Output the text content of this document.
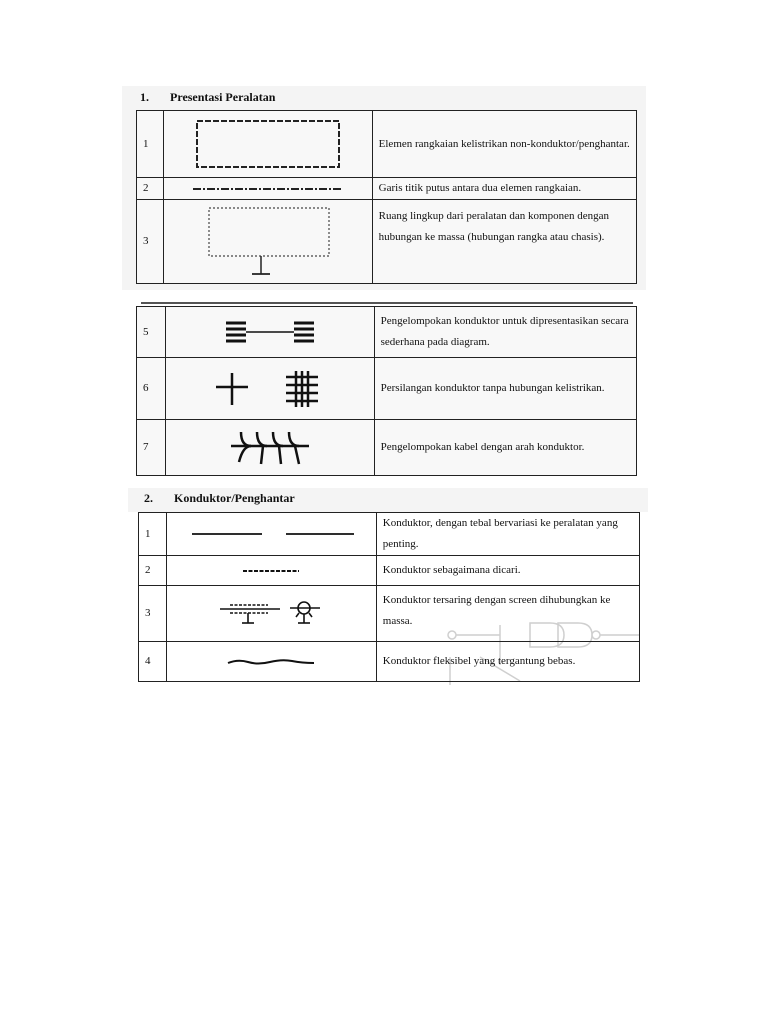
1. Presentasi Peralatan
1		Elemen rangkaian kelistrikan non-konduktor/penghantar.
2		Garis titik putus antara dua elemen rangkaian.
3		Ruang lingkup dari peralatan dan komponen dengan hubungan ke massa (hubungan rangka atau chasis).
5		Pengelompokan konduktor untuk dipresentasikan secara sederhana pada diagram.
6		Persilangan konduktor tanpa hubungan kelistrikan.
7		Pengelompokan kabel dengan arah konduktor.
2. Konduktor/Penghantar
1		Konduktor, dengan tebal bervariasi ke peralatan yang penting.
2		Konduktor sebagaimana dicari.
3		Konduktor tersaring dengan screen dihubungkan ke massa.
4		Konduktor fleksibel yang tergantung bebas.
